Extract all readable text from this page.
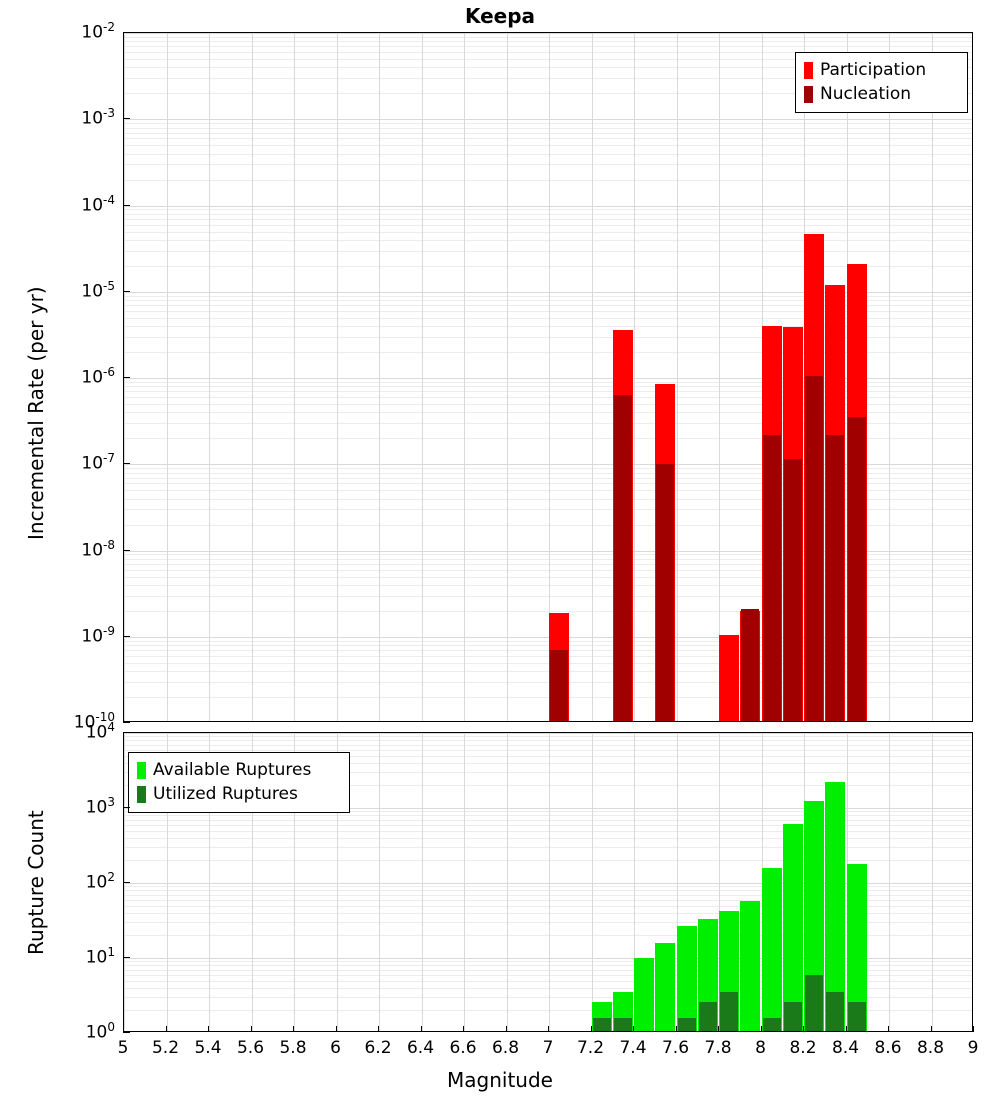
Keepa
Incremental Rate (per yr)
Rupture Count
Magnitude
Participation
Nucleation
Available Ruptures
Utilized Ruptures
$10^{-10}$
$10^{-9}$
$10^{-8}$
$10^{-7}$
$10^{-6}$
$10^{-5}$
$10^{-4}$
$10^{-3}$
$10^{-2}$
$10^0$
$10^1$
$10^2$
$10^3$
$10^4$
5	5.2 5.4 5.6 5.8	6	6.2 6.4 6.6 6.8	7	7.2 7.4 7.6 7.8	8	8.2 8.4 8.6 8.8	9
